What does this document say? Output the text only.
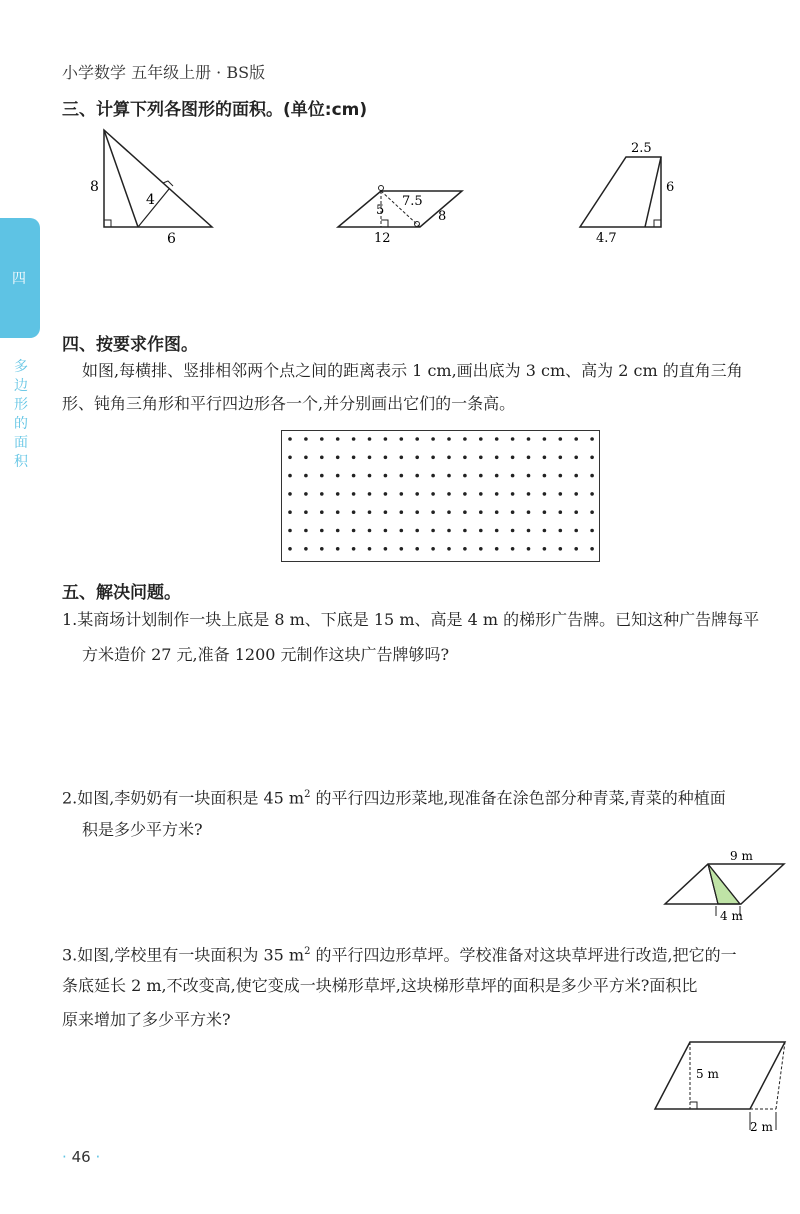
小学数学 五年级上册 · BS版
四
多边形的面积
三、计算下列各图形的面积。(单位:cm)
8
4
6
5
7.5
8
12
2.5
6
4.7
四、按要求作图。
如图,每横排、竖排相邻两个点之间的距离表示 1 cm,画出底为 3 cm、高为 2 cm 的直角三角
形、钝角三角形和平行四边形各一个,并分别画出它们的一条高。
五、解决问题。
1.某商场计划制作一块上底是 8 m、下底是 15 m、高是 4 m 的梯形广告牌。已知这种广告牌每平
方米造价 27 元,准备 1200 元制作这块广告牌够吗?
2.如图,李奶奶有一块面积是 45 $m^2$ 的平行四边形菜地,现准备在涂色部分种青菜,青菜的种植面
积是多少平方米?
9 m
4 m
3.如图,学校里有一块面积为 35 $m^2$ 的平行四边形草坪。学校准备对这块草坪进行改造,把它的一
条底延长 2 m,不改变高,使它变成一块梯形草坪,这块梯形草坪的面积是多少平方米?面积比
原来增加了多少平方米?
5 m
2 m
· 46 ·
